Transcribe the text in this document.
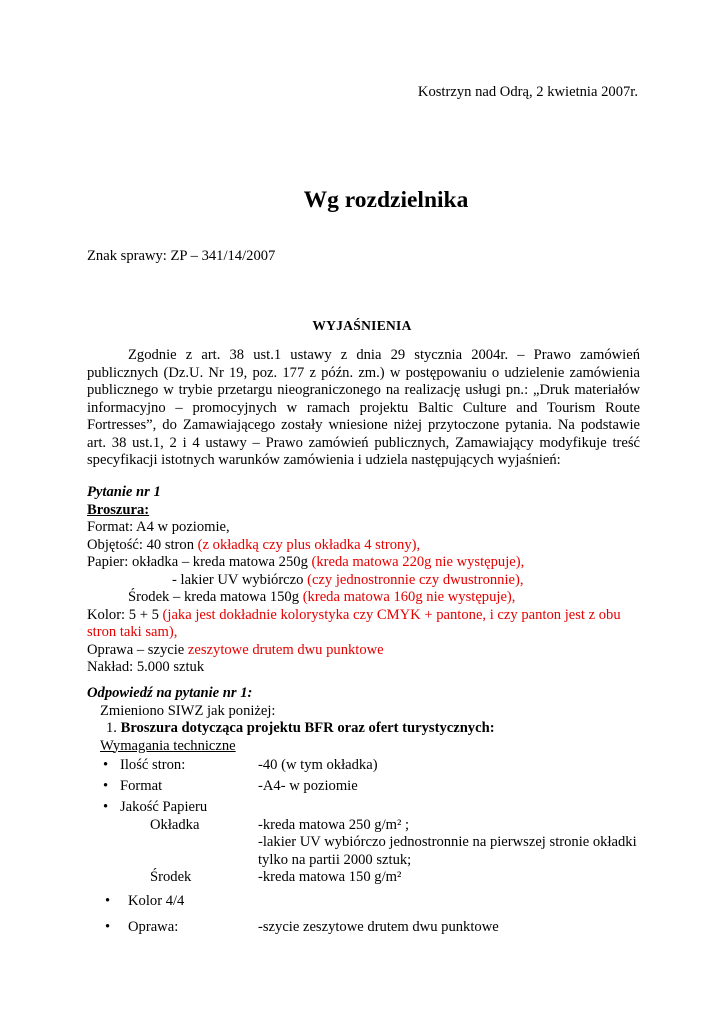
Kostrzyn nad Odrą, 2 kwietnia 2007r.
Wg rozdzielnika
Znak sprawy: ZP – 341/14/2007
WYJAŚNIENIA
Zgodnie z art. 38 ust.1 ustawy z dnia 29 stycznia 2004r. – Prawo zamówień
publicznych (Dz.U. Nr 19, poz. 177 z późn. zm.) w postępowaniu o udzielenie zamówienia
publicznego w trybie przetargu nieograniczonego na realizację usługi pn.: „Druk materiałów
informacyjno – promocyjnych w ramach projektu Baltic Culture and Tourism Route
Fortresses”, do Zamawiającego zostały wniesione niżej przytoczone pytania. Na podstawie
art. 38 ust.1, 2 i 4 ustawy – Prawo zamówień publicznych, Zamawiający modyfikuje treść
specyfikacji istotnych warunków zamówienia i udziela następujących wyjaśnień:
Pytanie nr 1
Broszura:
Format: A4 w poziomie,
Objętość: 40 stron (z okładką czy plus okładka 4 strony),
Papier: okładka – kreda matowa 250g (kreda matowa 220g nie występuje),
- lakier UV wybiórczo (czy jednostronnie czy dwustronnie),
Środek – kreda matowa 150g (kreda matowa 160g nie występuje),
Kolor: 5 + 5 (jaka jest dokładnie kolorystyka czy CMYK + pantone, i czy panton jest z obu
stron taki sam),
Oprawa – szycie zeszytowe drutem dwu punktowe
Nakład: 5.000 sztuk
Odpowiedź na pytanie nr 1:
Zmieniono SIWZ jak poniżej:
1. Broszura dotycząca projektu BFR oraz ofert turystycznych:
Wymagania techniczne
• Ilość stron:	-40 (w tym okładka)
• Format	-A4- w poziomie
• Jakość Papieru
Okładka	-kreda matowa 250 g/m² ;
-lakier UV wybiórczo jednostronnie na pierwszej stronie okładki
tylko na partii 2000 sztuk;
Środek	-kreda matowa 150 g/m²
• Kolor 4/4
• Oprawa:	-szycie zeszytowe drutem dwu punktowe
